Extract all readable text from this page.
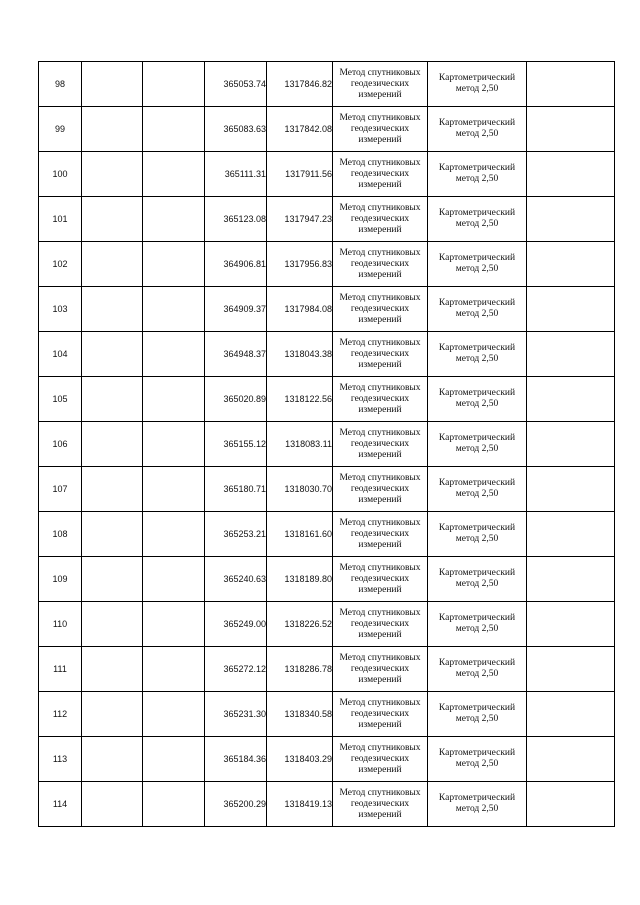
98			365053.74	1317846.82	Метод спутниковых геодезических измерений	Картометрический метод 2,50	

99			365083.63	1317842.08	Метод спутниковых геодезических измерений	Картометрический метод 2,50	

100			365111.31	1317911.56	Метод спутниковых геодезических измерений	Картометрический метод 2,50	

101			365123.08	1317947.23	Метод спутниковых геодезических измерений	Картометрический метод 2,50	

102			364906.81	1317956.83	Метод спутниковых геодезических измерений	Картометрический метод 2,50	

103			364909.37	1317984.08	Метод спутниковых геодезических измерений	Картометрический метод 2,50	

104			364948.37	1318043.38	Метод спутниковых геодезических измерений	Картометрический метод 2,50	

105			365020.89	1318122.56	Метод спутниковых геодезических измерений	Картометрический метод 2,50	

106			365155.12	1318083.11	Метод спутниковых геодезических измерений	Картометрический метод 2,50	

107			365180.71	1318030.70	Метод спутниковых геодезических измерений	Картометрический метод 2,50	

108			365253.21	1318161.60	Метод спутниковых геодезических измерений	Картометрический метод 2,50	

109			365240.63	1318189.80	Метод спутниковых геодезических измерений	Картометрический метод 2,50	

110			365249.00	1318226.52	Метод спутниковых геодезических измерений	Картометрический метод 2,50	

111			365272.12	1318286.78	Метод спутниковых геодезических измерений	Картометрический метод 2,50	

112			365231.30	1318340.58	Метод спутниковых геодезических измерений	Картометрический метод 2,50	

113			365184.36	1318403.29	Метод спутниковых геодезических измерений	Картометрический метод 2,50	

114			365200.29	1318419.13	Метод спутниковых геодезических измерений	Картометрический метод 2,50	
